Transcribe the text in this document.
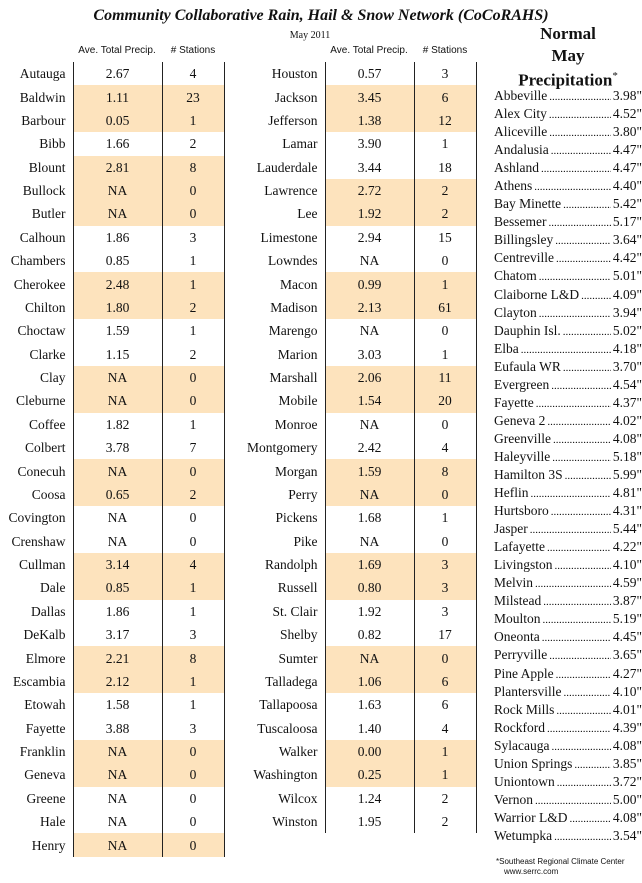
Community Collaborative Rain, Hail & Snow Network (CoCoRAHS)
May 2011
Ave. Total Precip.	# Stations	Ave. Total Precip.	# Stations
Autauga	2.67	4
Baldwin	1.11	23
Barbour	0.05	1
Bibb	1.66	2
Blount	2.81	8
Bullock	NA	0
Butler	NA	0
Calhoun	1.86	3
Chambers	0.85	1
Cherokee	2.48	1
Chilton	1.80	2
Choctaw	1.59	1
Clarke	1.15	2
Clay	NA	0
Cleburne	NA	0
Coffee	1.82	1
Colbert	3.78	7
Conecuh	NA	0
Coosa	0.65	2
Covington	NA	0
Crenshaw	NA	0
Cullman	3.14	4
Dale	0.85	1
Dallas	1.86	1
DeKalb	3.17	3
Elmore	2.21	8
Escambia	2.12	1
Etowah	1.58	1
Fayette	3.88	3
Franklin	NA	0
Geneva	NA	0
Greene	NA	0
Hale	NA	0
Henry	NA	0
Houston	0.57	3
Jackson	3.45	6
Jefferson	1.38	12
Lamar	3.90	1
Lauderdale	3.44	18
Lawrence	2.72	2
Lee	1.92	2
Limestone	2.94	15
Lowndes	NA	0
Macon	0.99	1
Madison	2.13	61
Marengo	NA	0
Marion	3.03	1
Marshall	2.06	11
Mobile	1.54	20
Monroe	NA	0
Montgomery	2.42	4
Morgan	1.59	8
Perry	NA	0
Pickens	1.68	1
Pike	NA	0
Randolph	1.69	3
Russell	0.80	3
St. Clair	1.92	3
Shelby	0.82	17
Sumter	NA	0
Talladega	1.06	6
Tallapoosa	1.63	6
Tuscaloosa	1.40	4
Walker	0.00	1
Washington	0.25	1
Wilcox	1.24	2
Winston	1.95	2
Normal
May
Precipitation*
Abbeville .....	3.98"
Alex City .....	4.52"
Aliceville .....	3.80"
Andalusia .....	4.47"
Ashland .....	4.47"
Athens .....	4.40"
Bay Minette .....	5.42"
Bessemer .....	5.17"
Billingsley .....	3.64"
Centreville .....	4.42"
Chatom .....	5.01"
Claiborne L&D .....	4.09"
Clayton .....	3.94"
Dauphin Isl. .....	5.02"
Elba .....	4.18"
Eufaula WR .....	3.70"
Evergreen .....	4.54"
Fayette .....	4.37"
Geneva 2 .....	4.02"
Greenville .....	4.08"
Haleyville .....	5.18"
Hamilton 3S .....	5.99"
Heflin .....	4.81"
Hurtsboro .....	4.31"
Jasper .....	5.44"
Lafayette .....	4.22"
Livingston .....	4.10"
Melvin .....	4.59"
Milstead .....	3.87"
Moulton .....	5.19"
Oneonta .....	4.45"
Perryville .....	3.65"
Pine Apple .....	4.27"
Plantersville .....	4.10"
Rock Mills .....	4.01"
Rockford .....	4.39"
Sylacauga .....	4.08"
Union Springs .....	3.85"
Uniontown .....	3.72"
Vernon .....	5.00"
Warrior L&D .....	4.08"
Wetumpka .....	3.54"
*Southeast Regional Climate Center
www.serrc.com
